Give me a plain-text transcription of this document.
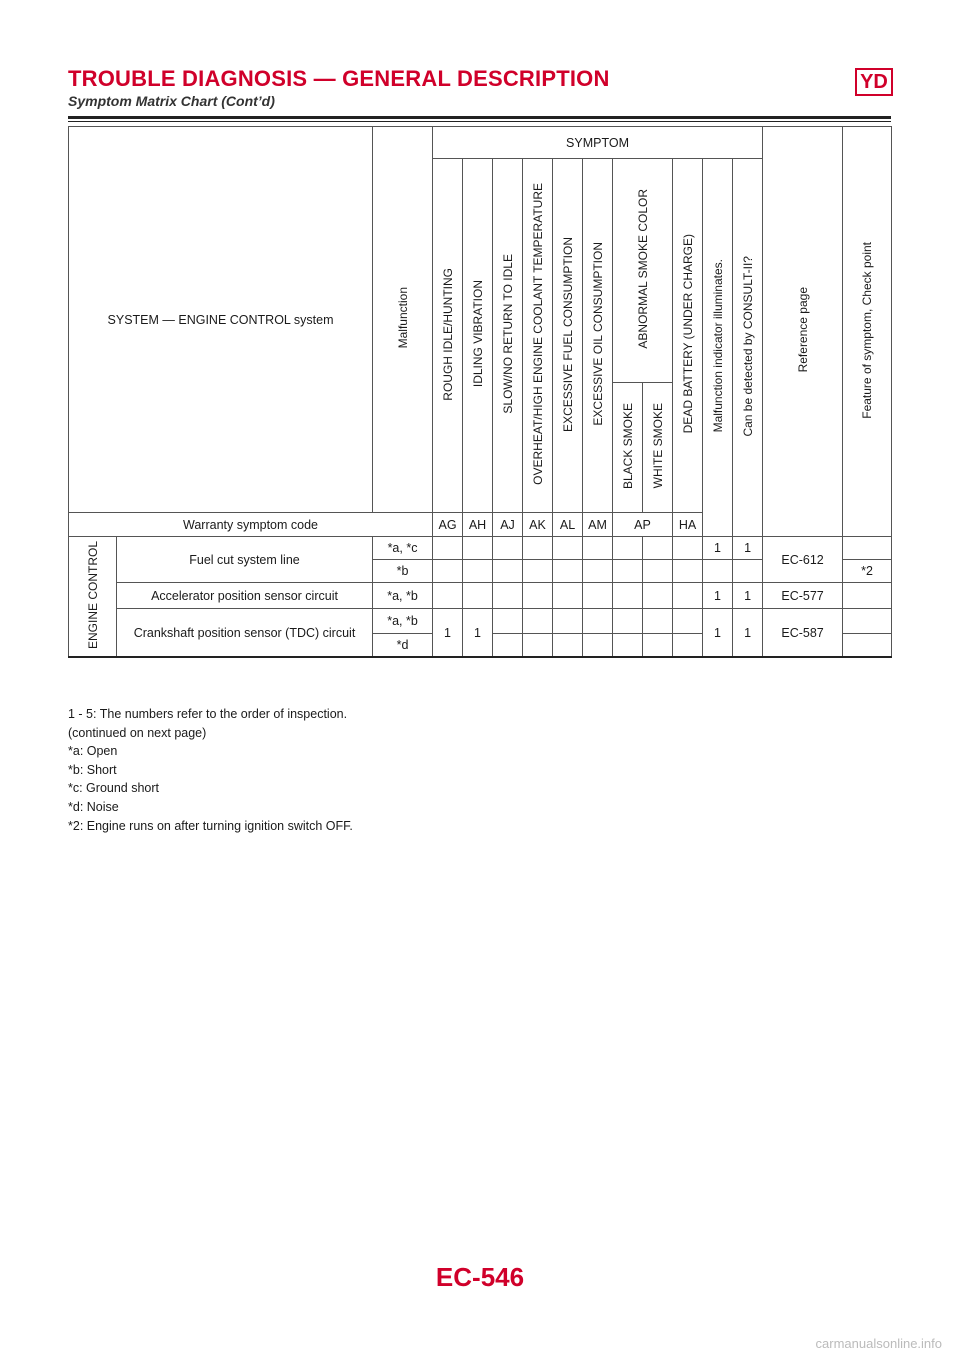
TROUBLE DIAGNOSIS — GENERAL DESCRIPTION	YD
Symptom Matrix Chart (Cont’d)
SYSTEM — ENGINE CONTROL system		Malfunction	SYMPTOM											Reference page	Feature of symptom, Check point
			ROUGH IDLE/HUNTING	IDLING VIBRATION	SLOW/NO RETURN TO IDLE	OVERHEAT/HIGH ENGINE COOLANT TEMPERATURE	EXCESSIVE FUEL CONSUMPTION	EXCESSIVE OIL CONSUMPTION	ABNORMAL SMOKE COLOR		DEAD BATTERY (UNDER CHARGE)	Malfunction indicator illuminates.	Can be detected by CONSULT-II?		
									BLACK SMOKE	WHITE SMOKE					
Warranty symptom code			AG	AH	AJ	AK	AL	AM	AP		HA				
ENGINE CONTROL	Fuel cut system line	*a, *c										1	1	EC-612	
		*b													*2
	Accelerator position sensor circuit	*a, *b										1	1	EC-577	
	Crankshaft position sensor (TDC) circuit	*a, *b	1	1								1	1	EC-587	
		*d													
1 - 5: The numbers refer to the order of inspection.
(continued on next page)
*a: Open
*b: Short
*c: Ground short
*d: Noise
*2: Engine runs on after turning ignition switch OFF.
EC-546
carmanualsonline.info
